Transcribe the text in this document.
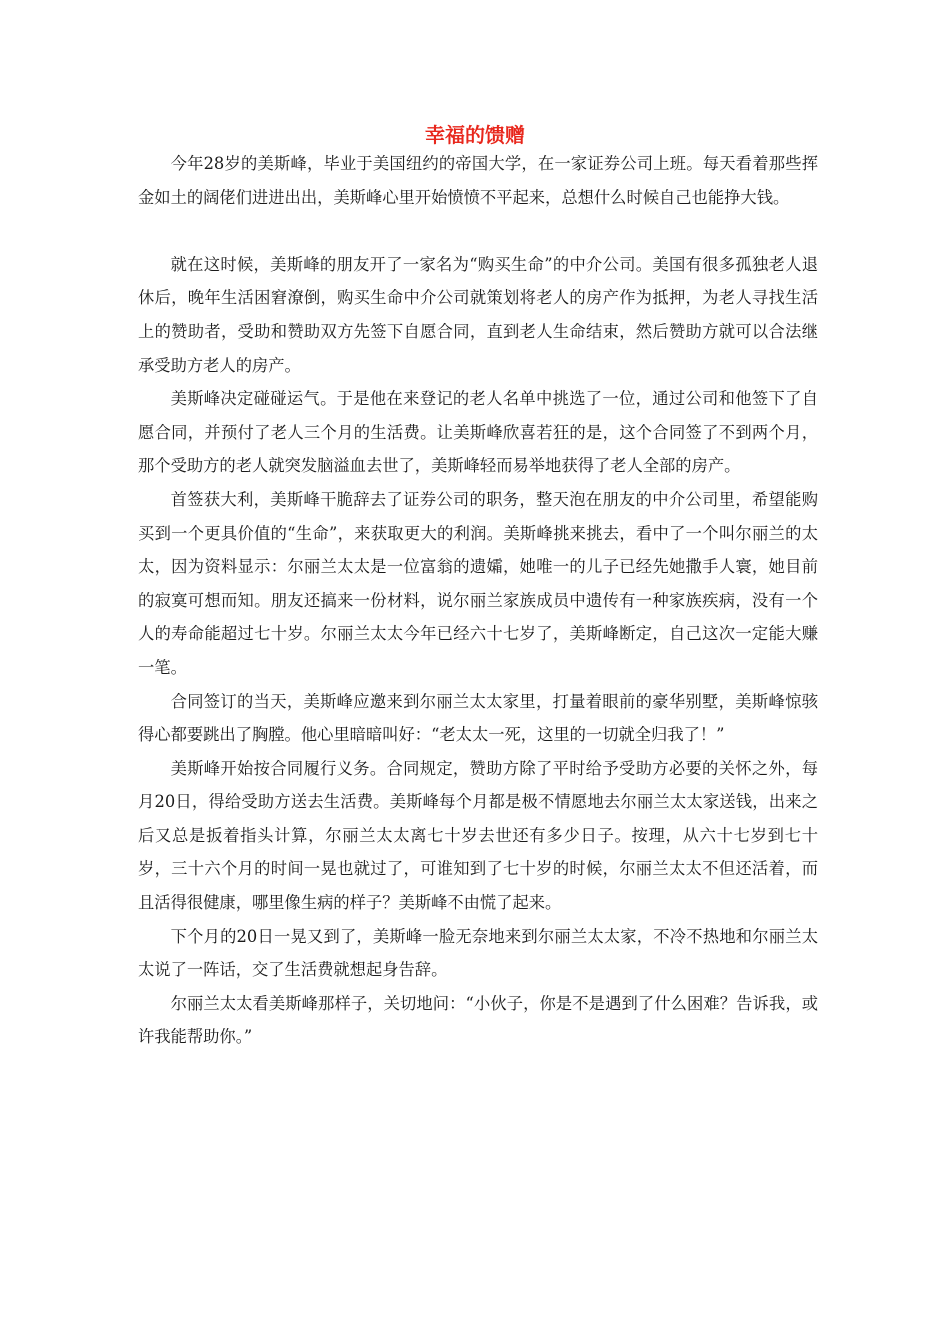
幸福的馈赠

今年28岁的美斯峰，毕业于美国纽约的帝国大学，在一家证券公司上班。每天看着那些挥金如土的阔佬们进进出出，美斯峰心里开始愤愤不平起来，总想什么时候自己也能挣大钱。

就在这时候，美斯峰的朋友开了一家名为“购买生命”的中介公司。美国有很多孤独老人退休后，晚年生活困窘潦倒，购买生命中介公司就策划将老人的房产作为抵押，为老人寻找生活上的赞助者，受助和赞助双方先签下自愿合同，直到老人生命结束，然后赞助方就可以合法继承受助方老人的房产。

美斯峰决定碰碰运气。于是他在来登记的老人名单中挑选了一位，通过公司和他签下了自愿合同，并预付了老人三个月的生活费。让美斯峰欣喜若狂的是，这个合同签了不到两个月，那个受助方的老人就突发脑溢血去世了，美斯峰轻而易举地获得了老人全部的房产。

首签获大利，美斯峰干脆辞去了证券公司的职务，整天泡在朋友的中介公司里，希望能购买到一个更具价值的“生命”，来获取更大的利润。美斯峰挑来挑去，看中了一个叫尔丽兰的太太，因为资料显示：尔丽兰太太是一位富翁的遗孀，她唯一的儿子已经先她撒手人寰，她目前的寂寞可想而知。朋友还搞来一份材料，说尔丽兰家族成员中遗传有一种家族疾病，没有一个人的寿命能超过七十岁。尔丽兰太太今年已经六十七岁了，美斯峰断定，自己这次一定能大赚一笔。

合同签订的当天，美斯峰应邀来到尔丽兰太太家里，打量着眼前的豪华别墅，美斯峰惊骇得心都要跳出了胸膛。他心里暗暗叫好：“老太太一死，这里的一切就全归我了！”

美斯峰开始按合同履行义务。合同规定，赞助方除了平时给予受助方必要的关怀之外，每月20日，得给受助方送去生活费。美斯峰每个月都是极不情愿地去尔丽兰太太家送钱，出来之后又总是扳着指头计算，尔丽兰太太离七十岁去世还有多少日子。按理，从六十七岁到七十岁，三十六个月的时间一晃也就过了，可谁知到了七十岁的时候，尔丽兰太太不但还活着，而且活得很健康，哪里像生病的样子？美斯峰不由慌了起来。

下个月的20日一晃又到了，美斯峰一脸无奈地来到尔丽兰太太家，不冷不热地和尔丽兰太太说了一阵话，交了生活费就想起身告辞。

尔丽兰太太看美斯峰那样子，关切地问：“小伙子，你是不是遇到了什么困难？告诉我，或许我能帮助你。”
